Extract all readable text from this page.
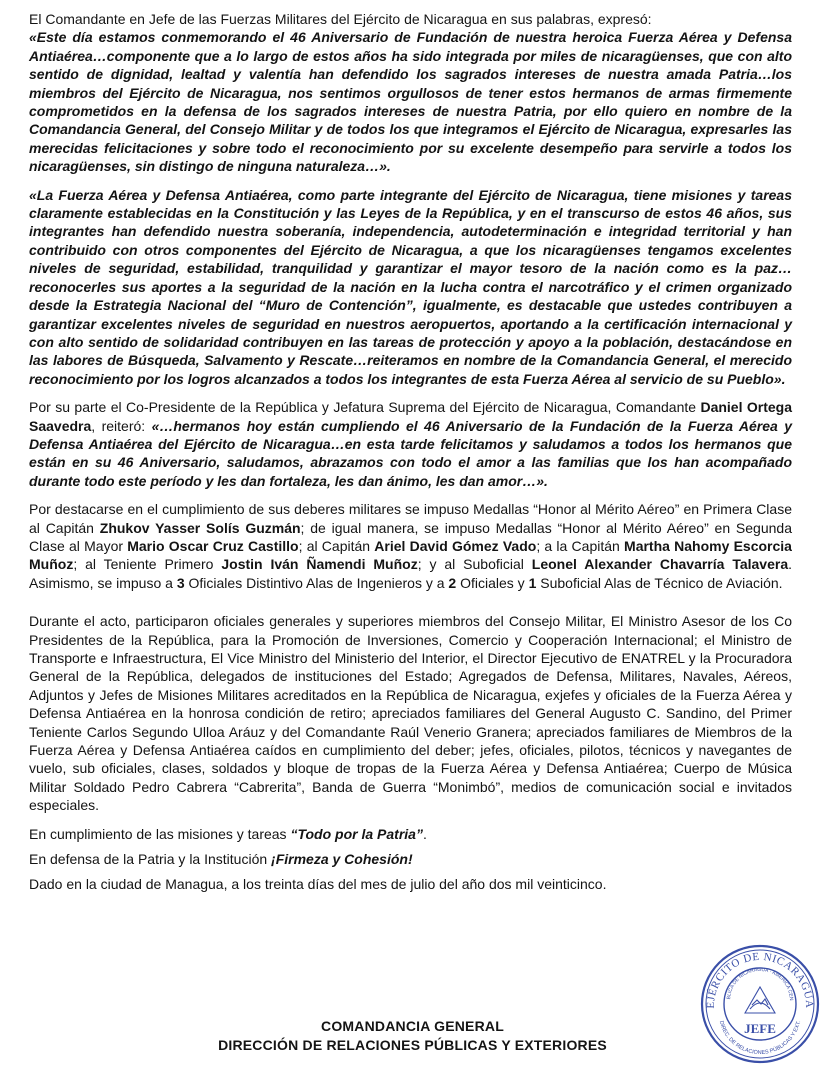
El Comandante en Jefe de las Fuerzas Militares del Ejército de Nicaragua en sus palabras, expresó:

«Este día estamos conmemorando el 46 Aniversario de Fundación de nuestra heroica Fuerza Aérea y Defensa Antiaérea…componente que a lo largo de estos años ha sido integrada por miles de nicaragüenses, que con alto sentido de dignidad, lealtad y valentía han defendido los sagrados intereses de nuestra amada Patria…los miembros del Ejército de Nicaragua, nos sentimos orgullosos de tener estos hermanos de armas firmemente comprometidos en la defensa de los sagrados intereses de nuestra Patria, por ello quiero en nombre de la Comandancia General, del Consejo Militar y de todos los que integramos el Ejército de Nicaragua, expresarles las merecidas felicitaciones y sobre todo el reconocimiento por su excelente desempeño para servirle a todos los nicaragüenses, sin distingo de ninguna naturaleza…».

«La Fuerza Aérea y Defensa Antiaérea, como parte integrante del Ejército de Nicaragua, tiene misiones y tareas claramente establecidas en la Constitución y las Leyes de la República, y en el transcurso de estos 46 años, sus integrantes han defendido nuestra soberanía, independencia, autodeterminación e integridad territorial y han contribuido con otros componentes del Ejército de Nicaragua, a que los nicaragüenses tengamos excelentes niveles de seguridad, estabilidad, tranquilidad y garantizar el mayor tesoro de la nación como es la paz…reconocerles sus aportes a la seguridad de la nación en la lucha contra el narcotráfico y el crimen organizado desde la Estrategia Nacional del “Muro de Contención”, igualmente, es destacable que ustedes contribuyen a garantizar excelentes niveles de seguridad en nuestros aeropuertos, aportando a la certificación internacional y con alto sentido de solidaridad contribuyen en las tareas de protección y apoyo a la población, destacándose en las labores de Búsqueda, Salvamento y Rescate…reiteramos en nombre de la Comandancia General, el merecido reconocimiento por los logros alcanzados a todos los integrantes de esta Fuerza Aérea al servicio de su Pueblo».

Por su parte el Co-Presidente de la República y Jefatura Suprema del Ejército de Nicaragua, Comandante Daniel Ortega Saavedra, reiteró: «…hermanos hoy están cumpliendo el 46 Aniversario de la Fundación de la Fuerza Aérea y Defensa Antiaérea del Ejército de Nicaragua…en esta tarde felicitamos y saludamos a todos los hermanos que están en su 46 Aniversario, saludamos, abrazamos con todo el amor a las familias que los han acompañado durante todo este período y les dan fortaleza, les dan ánimo, les dan amor…».

Por destacarse en el cumplimiento de sus deberes militares se impuso Medallas “Honor al Mérito Aéreo” en Primera Clase al Capitán Zhukov Yasser Solís Guzmán; de igual manera, se impuso Medallas “Honor al Mérito Aéreo” en Segunda Clase al Mayor Mario Oscar Cruz Castillo; al Capitán Ariel David Gómez Vado; a la Capitán Martha Nahomy Escorcia Muñoz; al Teniente Primero Jostin Iván Ñamendi Muñoz; y al Suboficial Leonel Alexander Chavarría Talavera. Asimismo, se impuso a 3 Oficiales Distintivo Alas de Ingenieros y a 2 Oficiales y 1 Suboficial Alas de Técnico de Aviación.

Durante el acto, participaron oficiales generales y superiores miembros del Consejo Militar, El Ministro Asesor de los Co Presidentes de la República, para la Promoción de Inversiones, Comercio y Cooperación Internacional; el Ministro de Transporte e Infraestructura, El Vice Ministro del Ministerio del Interior, el Director Ejecutivo de ENATREL y la Procuradora General de la República, delegados de instituciones del Estado; Agregados de Defensa, Militares, Navales, Aéreos, Adjuntos y Jefes de Misiones Militares acreditados en la República de Nicaragua, exjefes y oficiales de la Fuerza Aérea y Defensa Antiaérea en la honrosa condición de retiro; apreciados familiares del General Augusto C. Sandino, del Primer Teniente Carlos Segundo Ulloa Aráuz y del Comandante Raúl Venerio Granera; apreciados familiares de Miembros de la Fuerza Aérea y Defensa Antiaérea caídos en cumplimiento del deber; jefes, oficiales, pilotos, técnicos y navegantes de vuelo, sub oficiales, clases, soldados y bloque de tropas de la Fuerza Aérea y Defensa Antiaérea; Cuerpo de Música Militar Soldado Pedro Cabrera “Cabrerita”, Banda de Guerra “Monimbó”, medios de comunicación social e invitados especiales.

En cumplimiento de las misiones y tareas “Todo por la Patria”.

En defensa de la Patria y la Institución ¡Firmeza y Cohesión!

Dado en la ciudad de Managua, a los treinta días del mes de julio del año dos mil veinticinco.

COMANDANCIA GENERAL
DIRECCIÓN DE RELACIONES PÚBLICAS Y EXTERIORES
EJÉRCITO DE NICARAGUA
BLICA DE NICARAGUA · AMÉRICA CEN
DIREC. DE RELACIONES PÚBLICAS Y EXT.
JEFE
